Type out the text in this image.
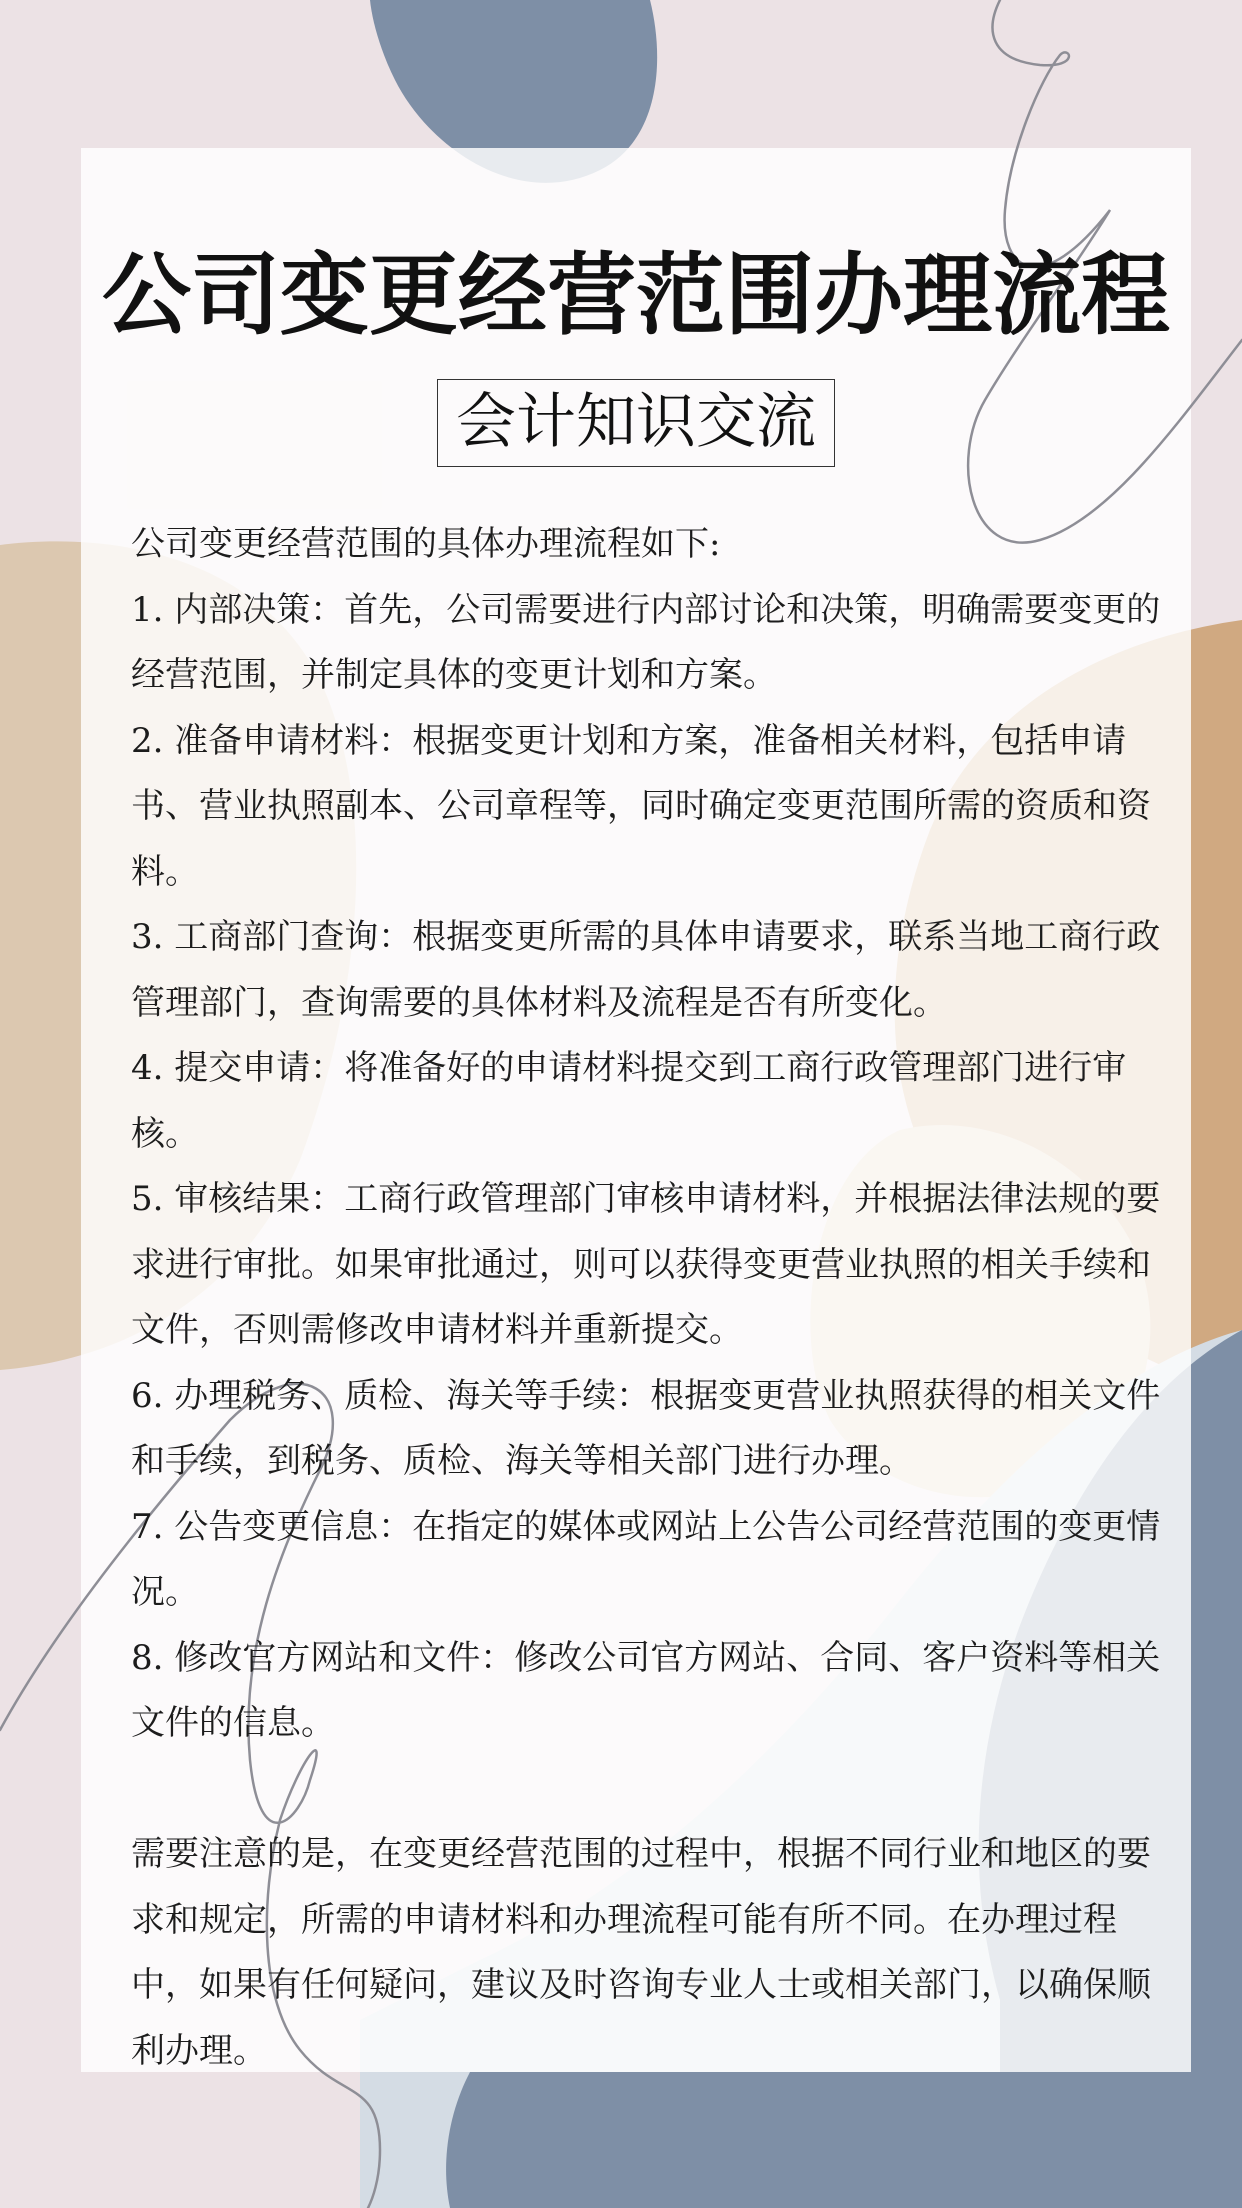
公司变更经营范围办理流程
会计知识交流

公司变更经营范围的具体办理流程如下:

1. 内部决策：首先，公司需要进行内部讨论和决策，明确需要变更的经营范围，并制定具体的变更计划和方案。

2. 准备申请材料：根据变更计划和方案，准备相关材料，包括申请书、营业执照副本、公司章程等，同时确定变更范围所需的资质和资料。

3. 工商部门查询：根据变更所需的具体申请要求，联系当地工商行政管理部门，查询需要的具体材料及流程是否有所变化。

4. 提交申请：将准备好的申请材料提交到工商行政管理部门进行审核。

5. 审核结果：工商行政管理部门审核申请材料，并根据法律法规的要求进行审批。如果审批通过，则可以获得变更营业执照的相关手续和文件，否则需修改申请材料并重新提交。

6. 办理税务、质检、海关等手续：根据变更营业执照获得的相关文件和手续，到税务、质检、海关等相关部门进行办理。

7. 公告变更信息：在指定的媒体或网站上公告公司经营范围的变更情况。

8. 修改官方网站和文件：修改公司官方网站、合同、客户资料等相关文件的信息。

需要注意的是，在变更经营范围的过程中，根据不同行业和地区的要求和规定，所需的申请材料和办理流程可能有所不同。在办理过程中，如果有任何疑问，建议及时咨询专业人士或相关部门，以确保顺利办理。
